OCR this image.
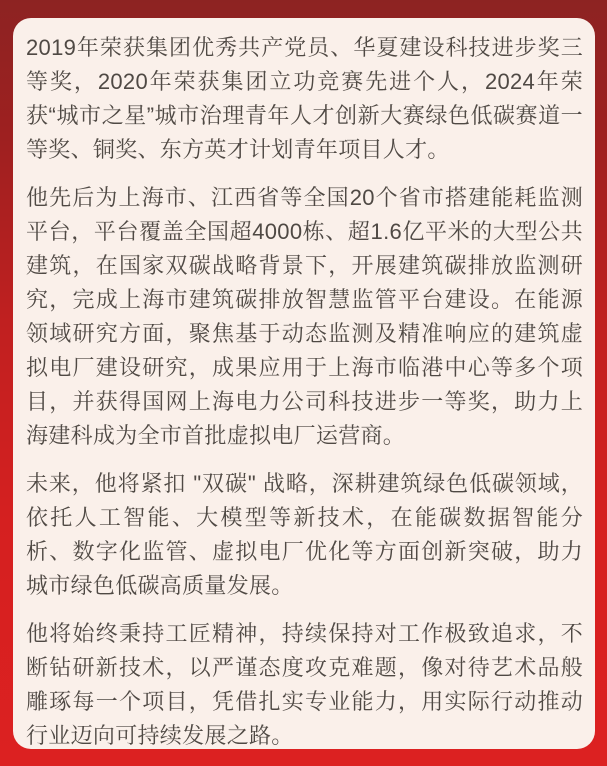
2019年荣获集团优秀共产党员、华夏建设科技进步奖三等奖，2020年荣获集团立功竞赛先进个人，2024年荣获“城市之星”城市治理青年人才创新大赛绿色低碳赛道一等奖、铜奖、东方英才计划青年项目人才。

他先后为上海市、江西省等全国20个省市搭建能耗监测平台，平台覆盖全国超4000栋、超1.6亿平米的大型公共建筑，在国家双碳战略背景下，开展建筑碳排放监测研究，完成上海市建筑碳排放智慧监管平台建设。在能源领域研究方面，聚焦基于动态监测及精准响应的建筑虚拟电厂建设研究，成果应用于上海市临港中心等多个项目，并获得国网上海电力公司科技进步一等奖，助力上海建科成为全市首批虚拟电厂运营商。

未来，他将紧扣 "双碳" 战略，深耕建筑绿色低碳领域，依托人工智能、大模型等新技术，在能碳数据智能分析、数字化监管、虚拟电厂优化等方面创新突破，助力城市绿色低碳高质量发展。

他将始终秉持工匠精神，持续保持对工作极致追求，不断钻研新技术，以严谨态度攻克难题，像对待艺术品般雕琢每一个项目，凭借扎实专业能力，用实际行动推动行业迈向可持续发展之路。
